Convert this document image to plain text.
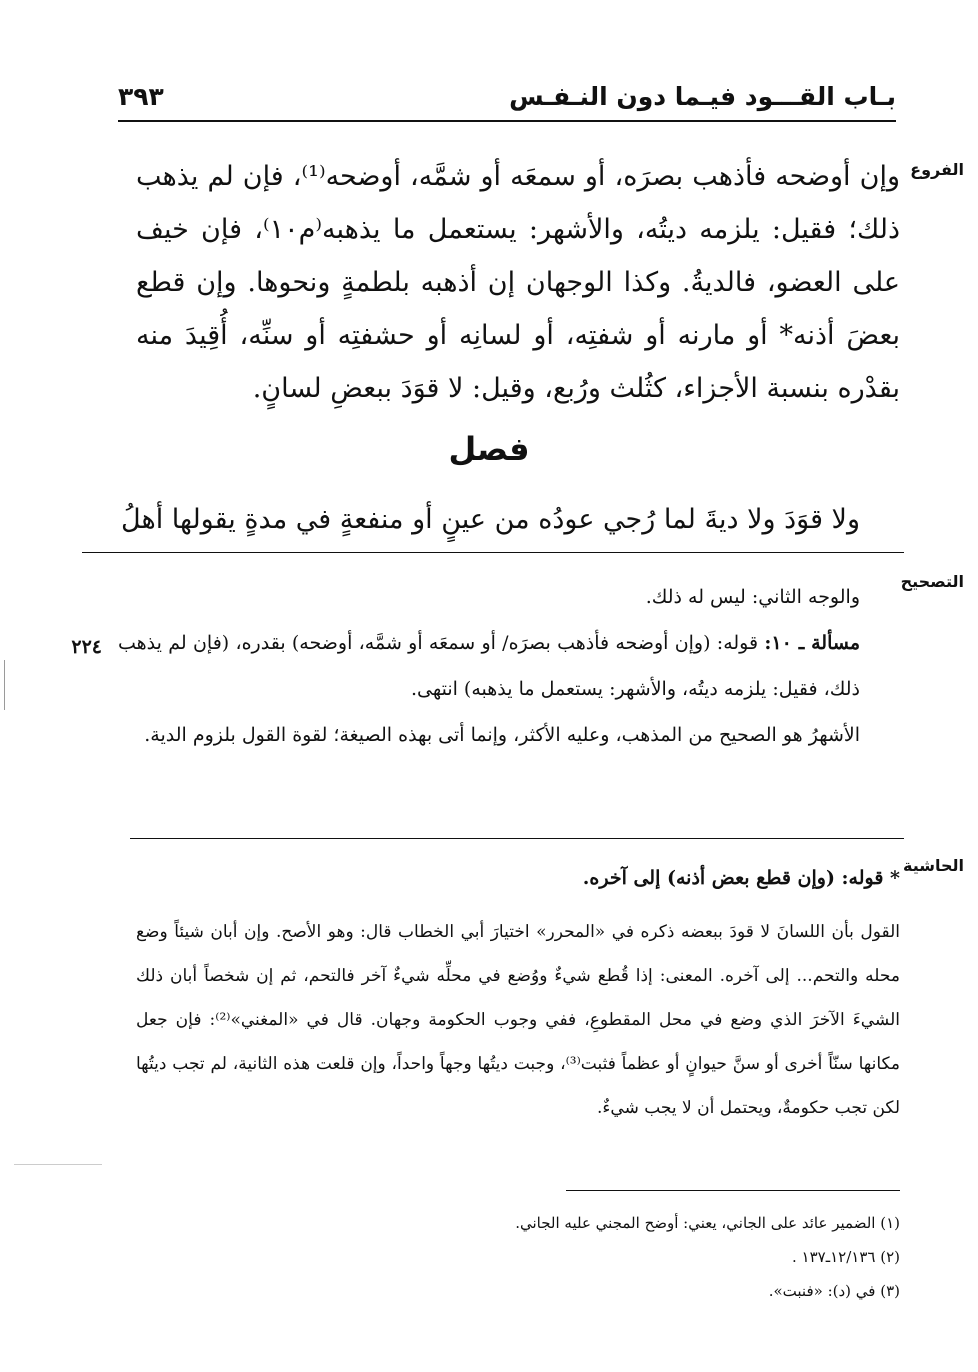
بـاب القـــود فيـما دون النـفـس
٣٩٣
الفروع
التصحيح
الحاشية
وإن أوضحه فأذهب بصرَه، أو سمعَه أو شمَّه، أوضحه⁽¹⁾، فإن لم يذهب ذلك؛ فقيل: يلزمه ديتُه، والأشهر: يستعمل ما يذهبه⁽م١٠⁾، فإن خيف على العضو، فالديةُ. وكذا الوجهان إن أذهبه بلطمةٍ ونحوها. وإن قطع بعضَ أذنه* أو مارنه أو شفتِه، أو لسانِه أو حشفتِه أو سنِّه، أُقِيدَ منه بقدْره بنسبة الأجزاء، كثُلث ورُبع، وقيل: لا قوَدَ ببعضِ لسانٍ.
فصل
ولا قوَدَ ولا ديةَ لما رُجي عودُه من عينٍ أو منفعةٍ في مدةٍ يقولها أهلُ

والوجه الثاني: ليس له ذلك.

مسألة ـ ١٠: قوله: (وإن أوضحه فأذهب بصرَه/ أو سمعَه أو شمَّه، أوضحه) بقدره، (فإن لم يذهب ذلك، فقيل: يلزمه ديتُه، والأشهر: يستعمل ما يذهبه) انتهى.

الأشهرُ هو الصحيح من المذهب، وعليه الأكثر، وإنما أتى بهذه الصيغة؛ لقوة القول بلزوم الدية.

٢٢٤
* قوله: (وإن قطع بعض أذنه) إلى آخره.
القول بأن اللسانَ لا قودَ ببعضه ذكره في «المحرر» اختيارَ أبي الخطاب قال: وهو الأصح. وإن أبان شيئاً وضع محله والتحم... إلى آخره. المعنى: إذا قُطع شيءٌ ووُضع في محلِّه شيءٌ آخر فالتحم، ثم إن شخصاً أبان ذلك الشيءَ الآخرَ الذي وضع في محل المقطوعِ، ففي وجوب الحكومة وجهان. قال في «المغني»⁽²⁾: فإن جعل مكانها سنّاً أخرى أو سنَّ حيوانٍ أو عظماً فثبت⁽³⁾، وجبت ديتُها وجهاً واحداً، وإن قلعت هذه الثانية، لم تجب ديتُها لكن تجب حكومةٌ، ويحتمل أن لا يجب شيءٌ.

(١) الضمير عائد على الجاني، يعني: أوضح المجني عليه الجاني.

(٢) ١٢/١٣٦ـ١٣٧ .

(٣) في (د): «فنبت».
